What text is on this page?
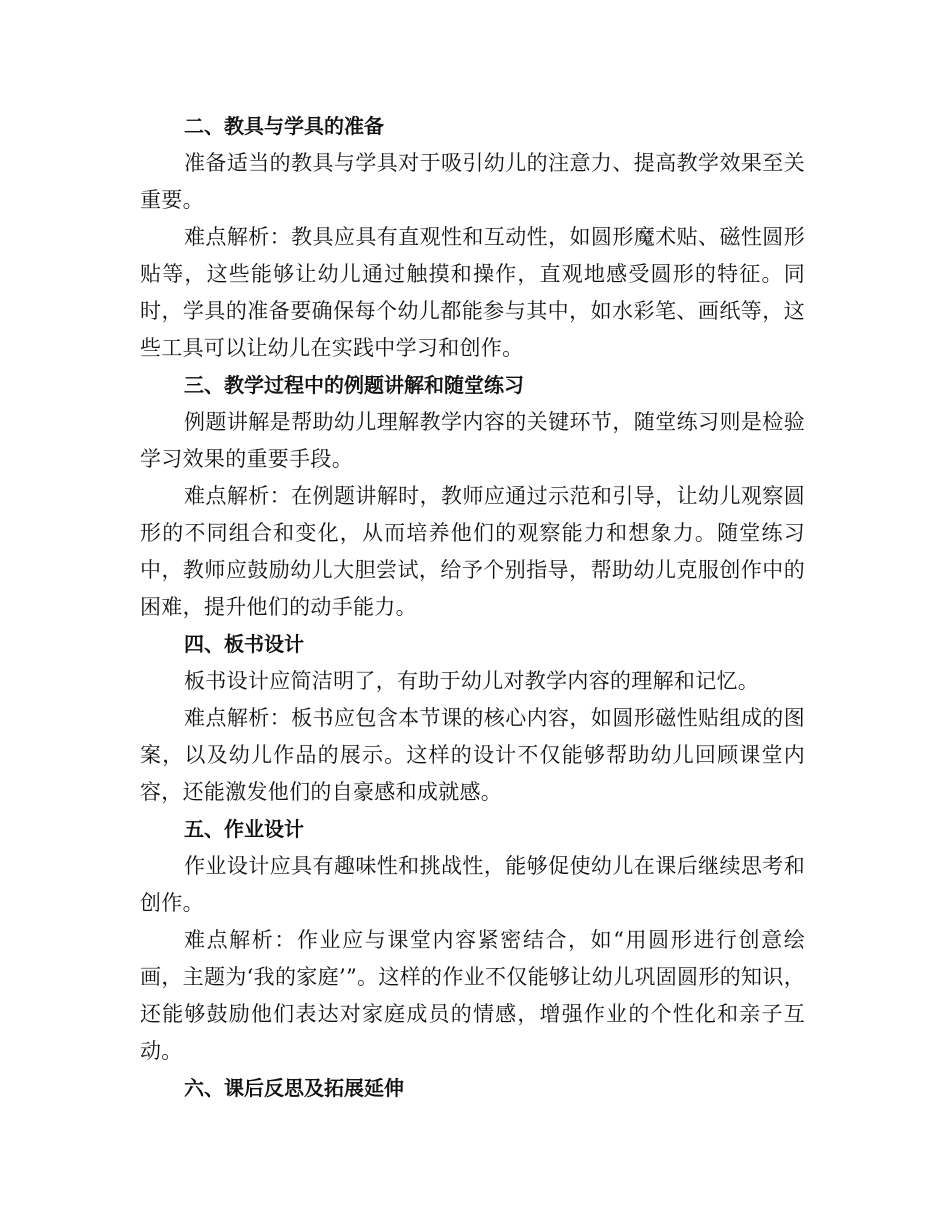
二、教具与学具的准备

准备适当的教具与学具对于吸引幼儿的注意力、提高教学效果至关重要。

难点解析：教具应具有直观性和互动性，如圆形魔术贴、磁性圆形贴等，这些能够让幼儿通过触摸和操作，直观地感受圆形的特征。同时，学具的准备要确保每个幼儿都能参与其中，如水彩笔、画纸等，这些工具可以让幼儿在实践中学习和创作。

三、教学过程中的例题讲解和随堂练习

例题讲解是帮助幼儿理解教学内容的关键环节，随堂练习则是检验学习效果的重要手段。

难点解析：在例题讲解时，教师应通过示范和引导，让幼儿观察圆形的不同组合和变化，从而培养他们的观察能力和想象力。随堂练习中，教师应鼓励幼儿大胆尝试，给予个别指导，帮助幼儿克服创作中的困难，提升他们的动手能力。

四、板书设计

板书设计应简洁明了，有助于幼儿对教学内容的理解和记忆。

难点解析：板书应包含本节课的核心内容，如圆形磁性贴组成的图案，以及幼儿作品的展示。这样的设计不仅能够帮助幼儿回顾课堂内容，还能激发他们的自豪感和成就感。

五、作业设计

作业设计应具有趣味性和挑战性，能够促使幼儿在课后继续思考和创作。

难点解析：作业应与课堂内容紧密结合，如“用圆形进行创意绘画，主题为‘我的家庭’”。这样的作业不仅能够让幼儿巩固圆形的知识，还能够鼓励他们表达对家庭成员的情感，增强作业的个性化和亲子互动。

六、课后反思及拓展延伸
